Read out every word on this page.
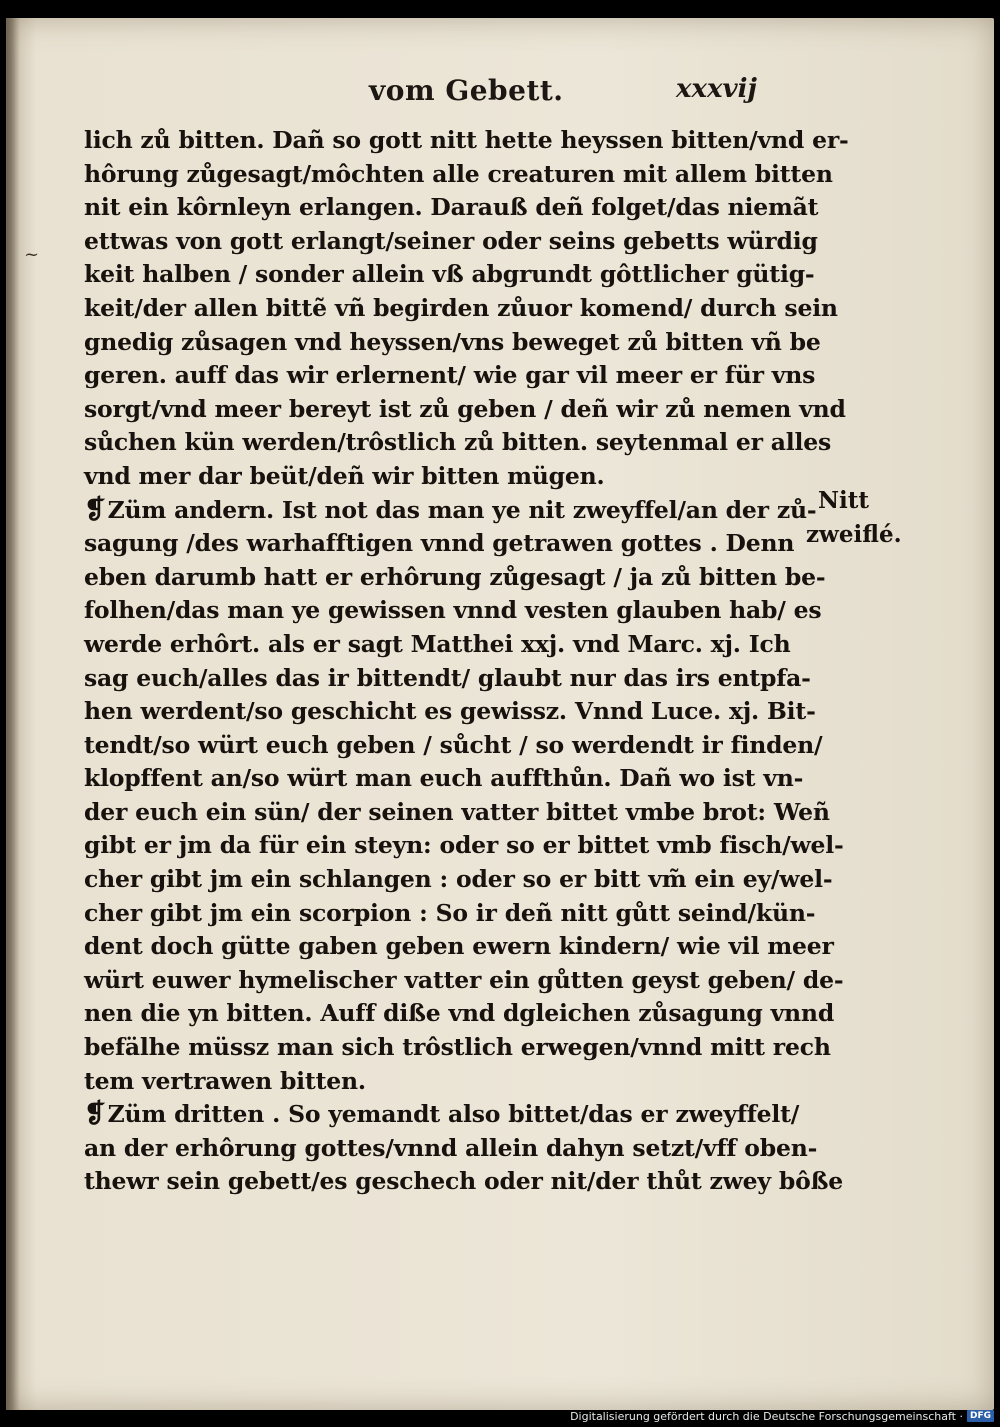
~
vom Gebett.	xxxvij
lich zů bitten. Dañ so gott nitt hette heyssen bitten/vnd er-
hôrung zůgesagt/môchten alle creaturen mit allem bitten
nit ein kôrnleyn erlangen. Darauß deñ folget/das niemãt
ettwas von gott erlangt/seiner oder seins gebetts würdig
keit halben / sonder allein vß abgrundt gôttlicher gütig-
keit/der allen bittẽ vñ begirden zůuor komend/ durch sein
gnedig zůsagen vnd heyssen/vns beweget zů bitten vñ be
geren. auff das wir erlernent/ wie gar vil meer er für vns
sorgt/vnd meer bereyt ist zů geben / deñ wir zů nemen vnd
sůchen kün werden/trôstlich zů bitten. seytenmal er alles
vnd mer dar beüt/deñ wir bitten mügen.
❡Züm andern. Ist not das man ye nit zweyffel/an der zů-
sagung /des warhafftigen vnnd getrawen gottes . Denn
eben darumb hatt er erhôrung zůgesagt / ja zů bitten be-
folhen/das man ye gewissen vnnd vesten glauben hab/ es
werde erhôrt. als er sagt Matthei xxj. vnd Marc. xj. Ich
sag euch/alles das ir bittendt/ glaubt nur das irs entpfa-
hen werdent/so geschicht es gewissz. Vnnd Luce. xj. Bit-
tendt/so würt euch geben / sůcht / so werdendt ir finden/
klopffent an/so würt man euch auffthůn. Dañ wo ist vn-
der euch ein sün/ der seinen vatter bittet vmbe brot: Weñ
gibt er jm da für ein steyn: oder so er bittet vmb fisch/wel-
cher gibt jm ein schlangen : oder so er bitt vm̃ ein ey/wel-
cher gibt jm ein scorpion : So ir deñ nitt gůtt seind/kün-
dent doch gütte gaben geben ewern kindern/ wie vil meer
würt euwer hymelischer vatter ein gůtten geyst geben/ de-
nen die yn bitten. Auff diße vnd dgleichen zůsagung vnnd
befälhe müssz man sich trôstlich erwegen/vnnd mitt rech
tem vertrawen bitten.
❡Züm dritten . So yemandt also bittet/das er zweyffelt/
an der erhôrung gottes/vnnd allein dahyn setzt/vff oben-
thewr sein gebett/es geschech oder nit/der thůt zwey bôße
Nitt
zweiflé.
Digitalisierung gefördert durch die Deutsche Forschungsgemeinschaft · DFG
